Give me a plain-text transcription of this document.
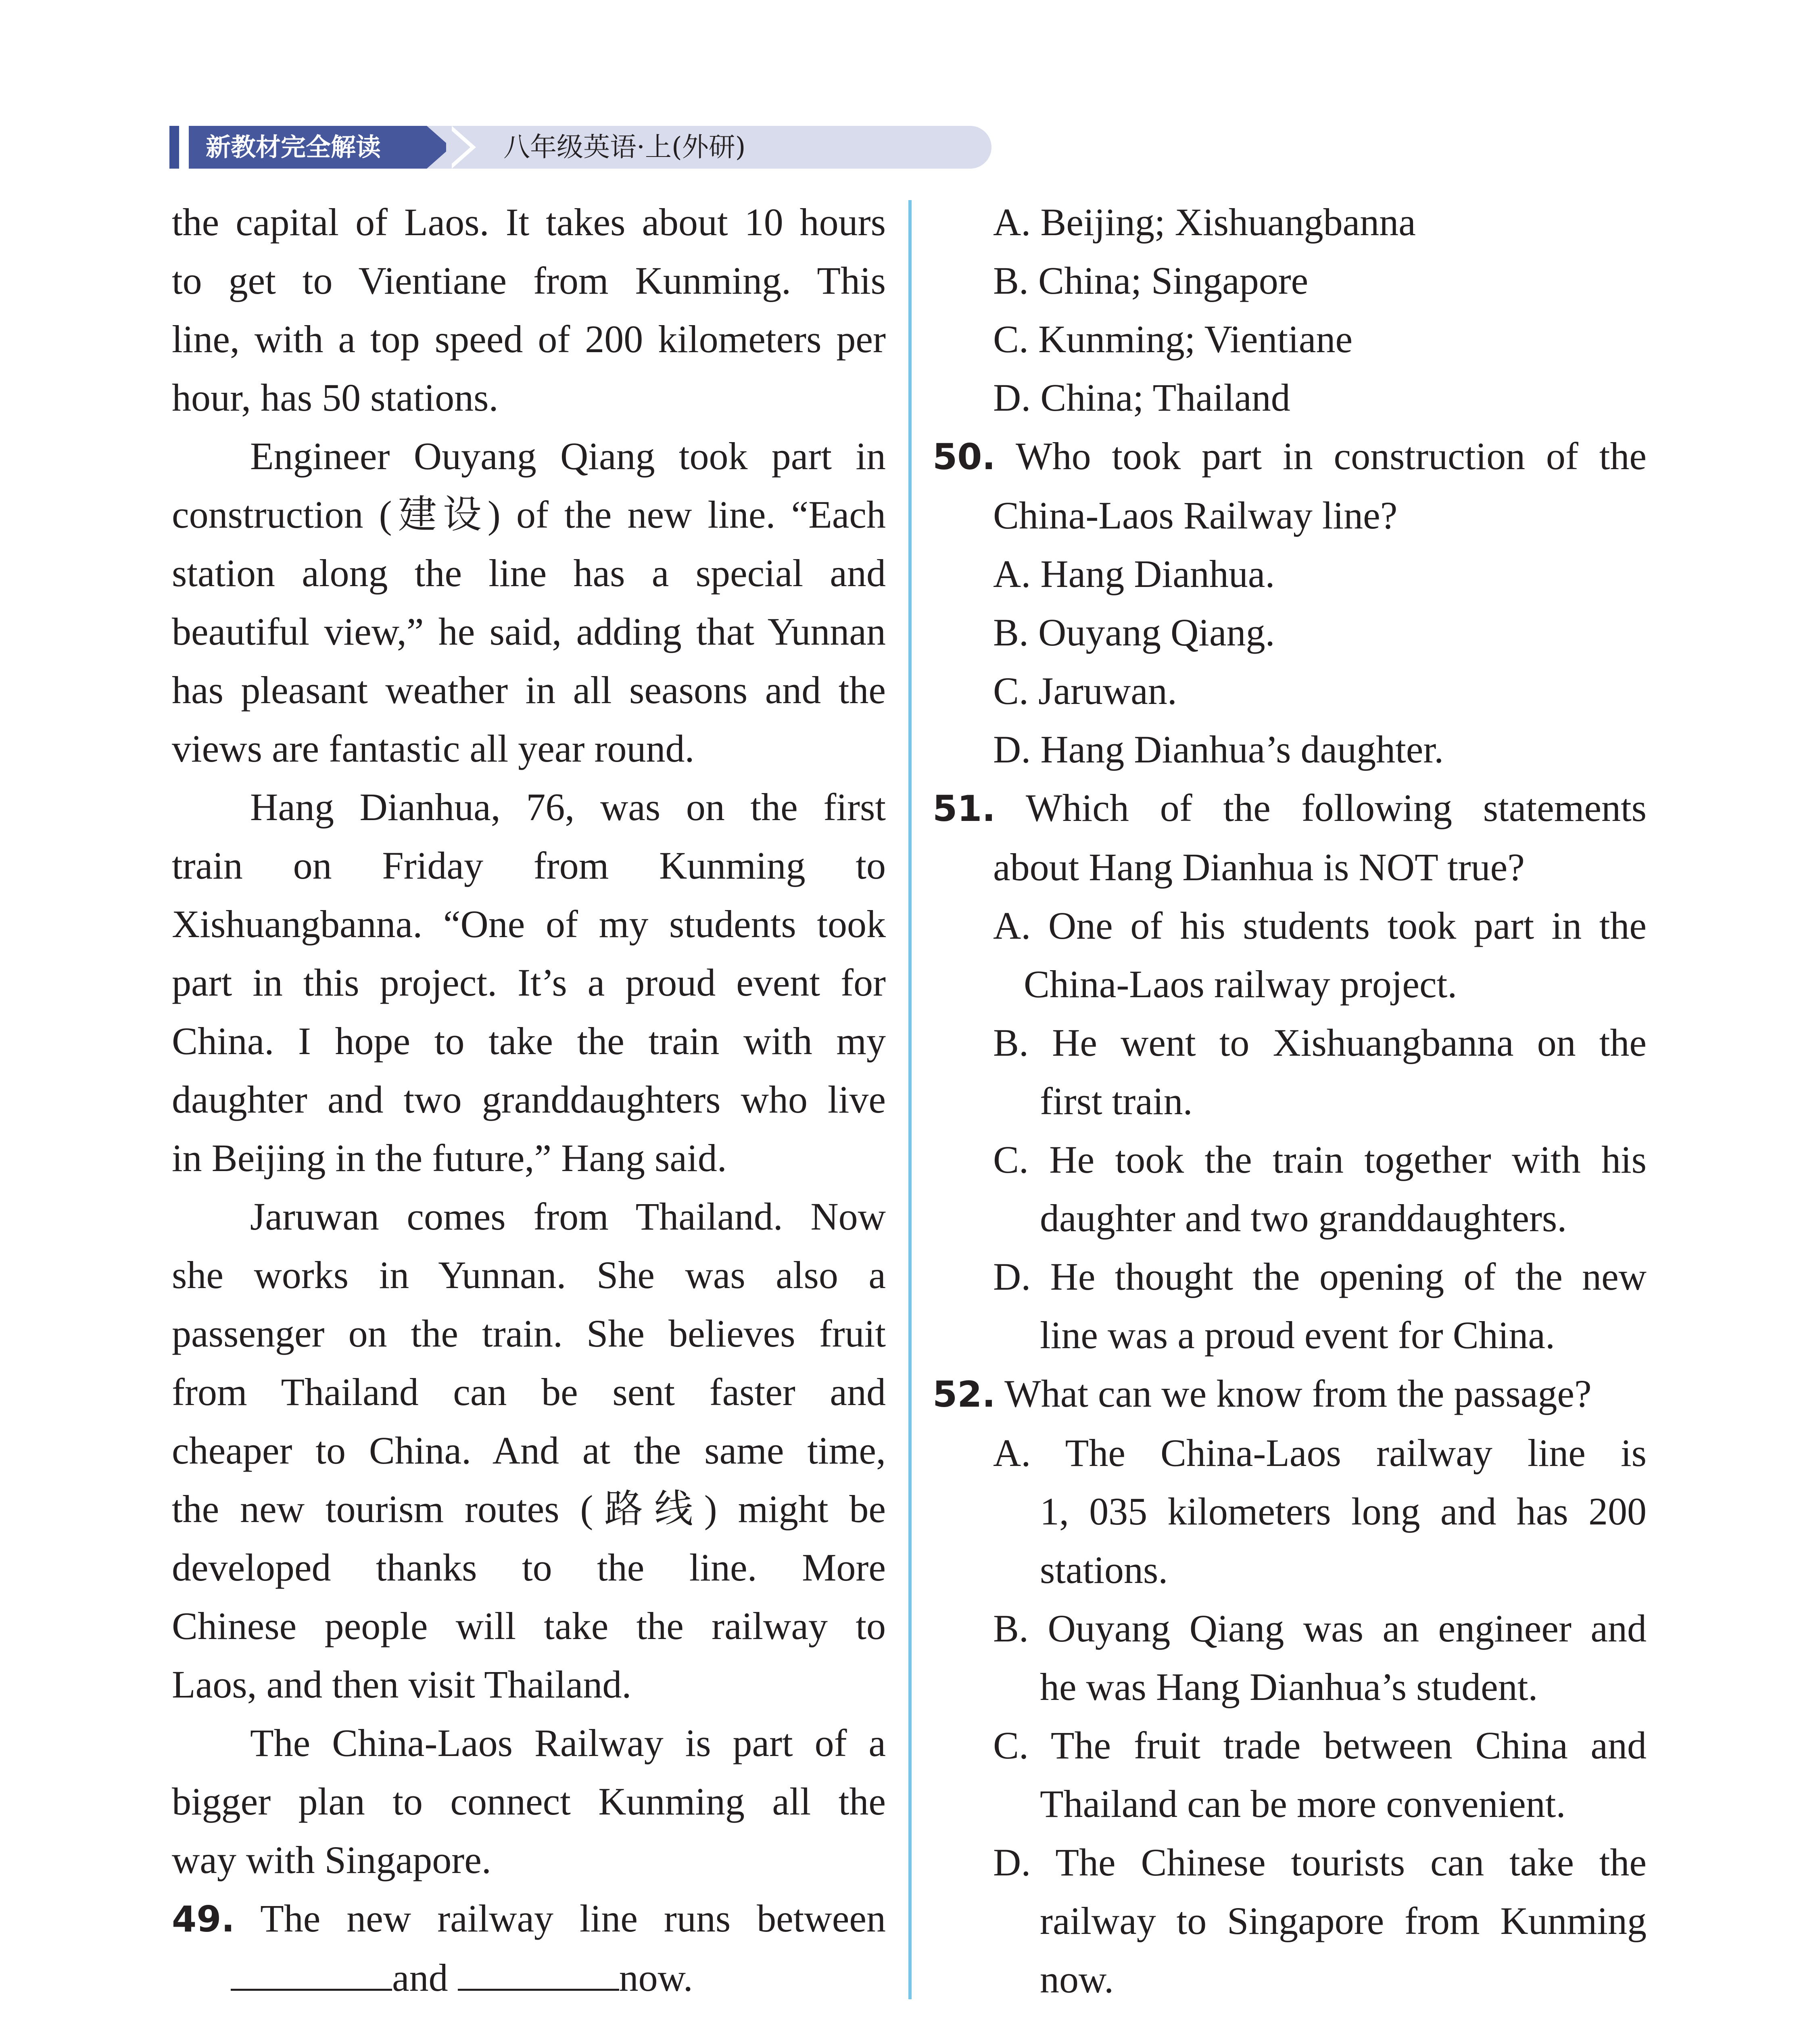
八年级英语·上(外研)
新教材完全解读

the capital of Laos. It takes about 10 hours

to get to Vientiane from Kunming. This

line, with a top speed of 200 kilometers per

hour, has 50 stations.

Engineer Ouyang Qiang took part in

construction (建设) of the new line. “Each

station along the line has a special and

beautiful view,” he said, adding that Yunnan

has pleasant weather in all seasons and the

views are fantastic all year round.

Hang Dianhua, 76, was on the first

train on Friday from Kunming to

Xishuangbanna. “One of my students took

part in this project. It’s a proud event for

China. I hope to take the train with my

daughter and two granddaughters who live

in Beijing in the future,” Hang said.

Jaruwan comes from Thailand. Now

she works in Yunnan. She was also a

passenger on the train. She believes fruit

from Thailand can be sent faster and

cheaper to China. And at the same time,

the new tourism routes (路线) might be

developed thanks to the line. More

Chinese people will take the railway to

Laos, and then visit Thailand.

The China-Laos Railway is part of a

bigger plan to connect Kunming all the

way with Singapore.

49. The new railway line runs between

and	now.

A. Beijing; Xishuangbanna

B. China; Singapore

C. Kunming; Vientiane

D. China; Thailand

50. Who took part in construction of the

China-Laos Railway line?

A. Hang Dianhua.

B. Ouyang Qiang.

C. Jaruwan.

D. Hang Dianhua’s daughter.

51. Which of the following statements

about Hang Dianhua is NOT true?

A. One of his students took part in the

China-Laos railway project.

B. He went to Xishuangbanna on the

first train.

C. He took the train together with his

daughter and two granddaughters.

D. He thought the opening of the new

line was a proud event for China.

52. What can we know from the passage?

A. The China-Laos railway line is

1, 035 kilometers long and has 200

stations.

B. Ouyang Qiang was an engineer and

he was Hang Dianhua’s student.

C. The fruit trade between China and

Thailand can be more convenient.

D. The Chinese tourists can take the

railway to Singapore from Kunming

now.
